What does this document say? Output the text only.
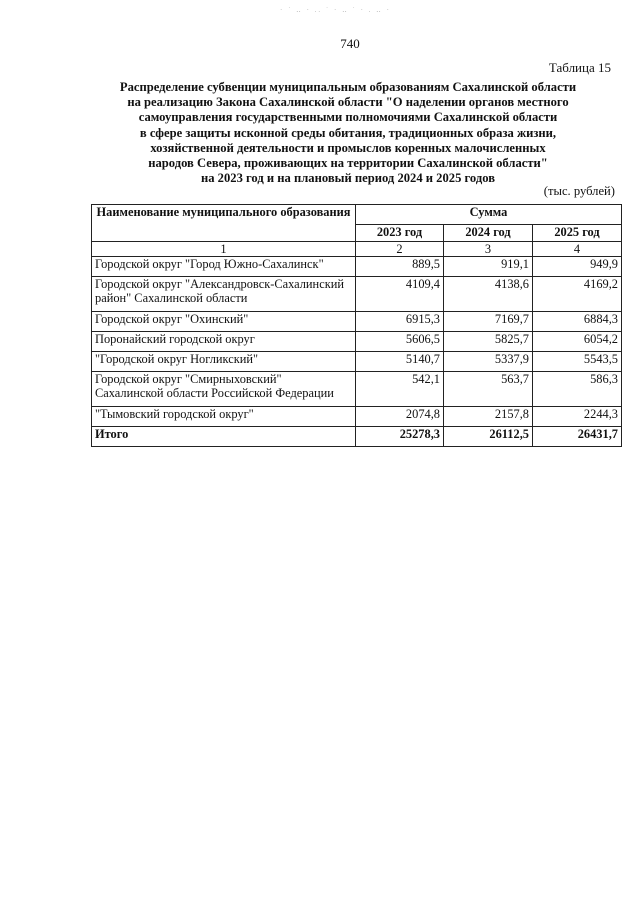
· ˙ ‥ · .. ˙ · ‥ ˙ · . ‥ ·
740
Таблица 15
Распределение субвенции муниципальным образованиям Сахалинской области
на реализацию Закона Сахалинской области "О наделении органов местного
самоуправления государственными полномочиями Сахалинской области
в сфере защиты исконной среды обитания, традиционных образа жизни,
хозяйственной деятельности и промыслов коренных малочисленных
народов Севера, проживающих на территории Сахалинской области"
на 2023 год и на плановый период 2024 и 2025 годов
(тыс. рублей)
Наименование муниципального образования	Сумма		
	2023 год	2024 год	2025 год
1	2	3	4
Городской округ "Город Южно-Сахалинск"	889,5	919,1	949,9
Городской округ "Александровск-Сахалинский район" Сахалинской области	4109,4	4138,6	4169,2
Городской округ "Охинский"	6915,3	7169,7	6884,3
Поронайский городской округ	5606,5	5825,7	6054,2
"Городской округ Ногликский"	5140,7	5337,9	5543,5
Городской округ "Смирныховский" Сахалинской области Российской Федерации	542,1	563,7	586,3
"Тымовский городской округ"	2074,8	2157,8	2244,3
Итого	25278,3	26112,5	26431,7
